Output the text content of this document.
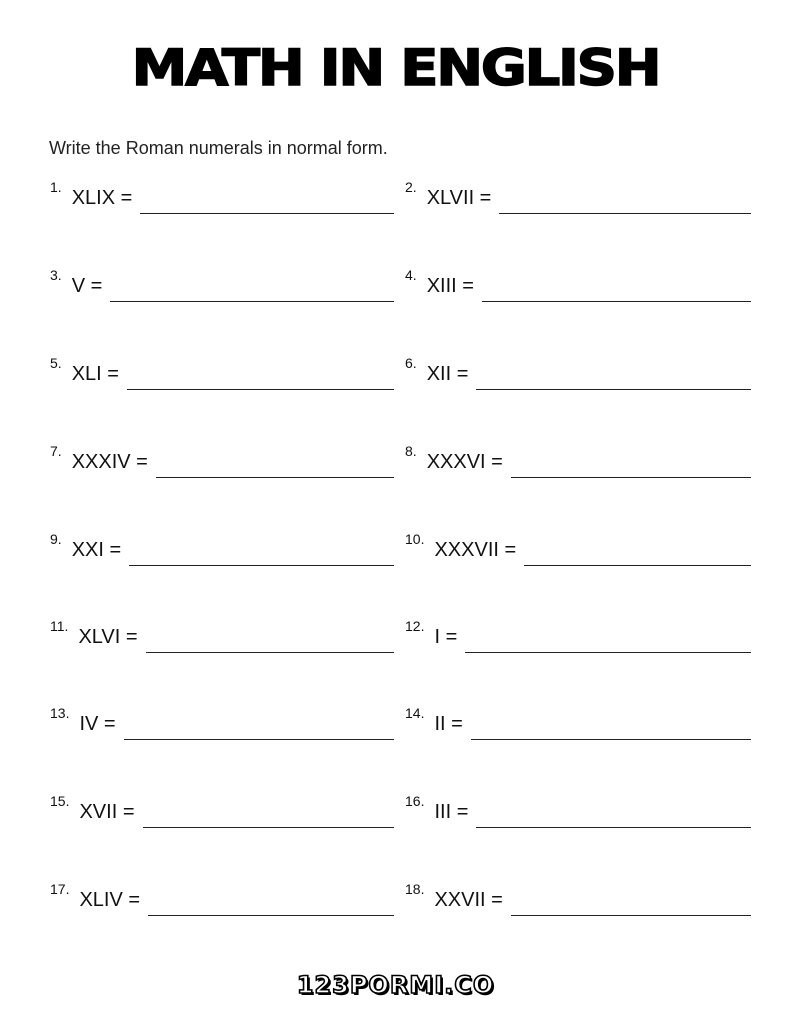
MATH IN ENGLISH
Write the Roman numerals in normal form.
1. XLIX =
3. V =
5. XLI =
7. XXXIV =
9. XXI =
11. XLVI =
13. IV =
15. XVII =
17. XLIV =
2. XLVII =
4. XIII =
6. XII =
8. XXXVI =
10. XXXVII =
12. I =
14. II =
16. III =
18. XXVII =
123PORMI.CO
